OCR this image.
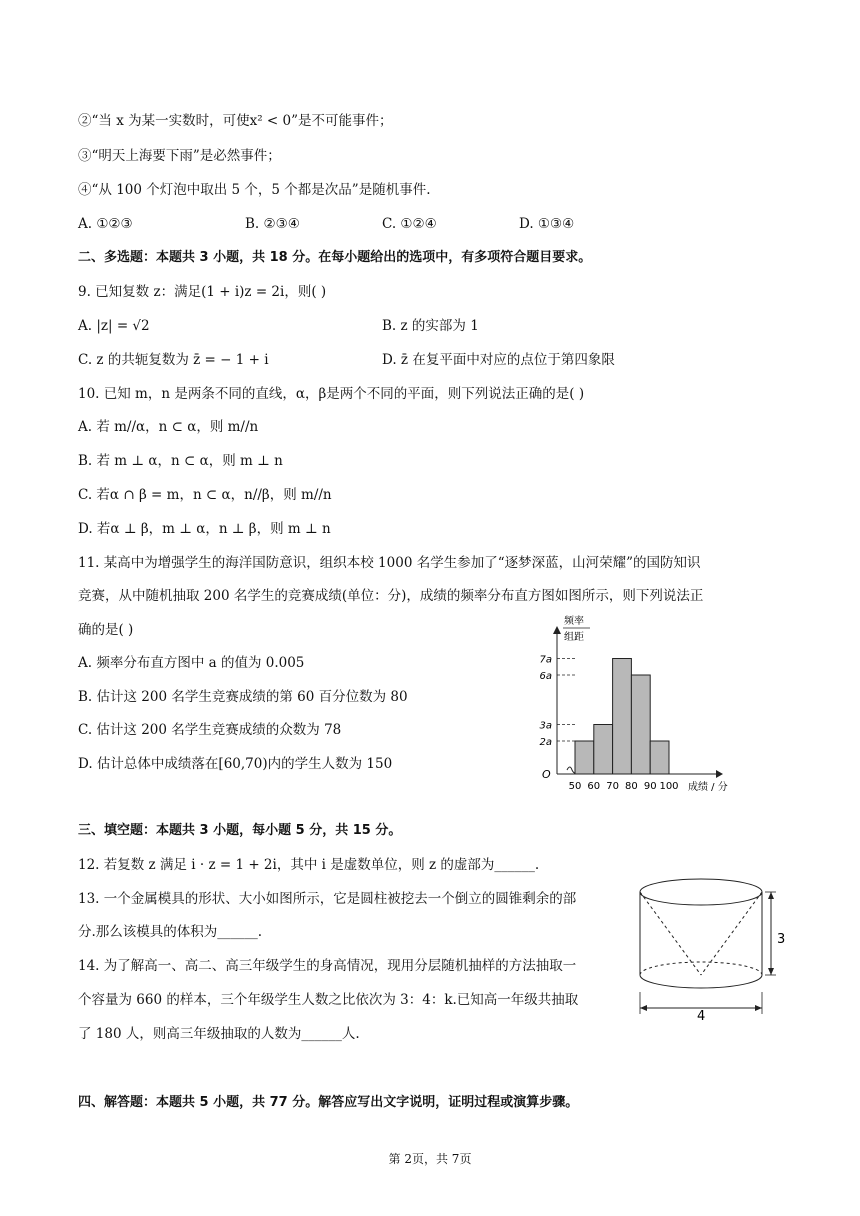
②“当 x 为某一实数时，可使x² < 0”是不可能事件；
③“明天上海要下雨”是必然事件；
④“从 100 个灯泡中取出 5 个，5 个都是次品”是随机事件.
A. ①②③	B. ②③④	C. ①②④	D. ①③④
二、多选题：本题共 3 小题，共 18 分。在每小题给出的选项中，有多项符合题目要求。
9. 已知复数 z：满足(1 + i)z = 2i，则( )
A. |z| = √2	B. z 的实部为 1
C. z 的共轭复数为 z̄ = − 1 + i	D. z̄ 在复平面中对应的点位于第四象限
10. 已知 m，n 是两条不同的直线，α，β是两个不同的平面，则下列说法正确的是( )
A. 若 m//α，n ⊂ α，则 m//n
B. 若 m ⊥ α，n ⊂ α，则 m ⊥ n
C. 若α ∩ β = m，n ⊂ α，n//β，则 m//n
D. 若α ⊥ β，m ⊥ α，n ⊥ β，则 m ⊥ n
11. 某高中为增强学生的海洋国防意识，组织本校 1000 名学生参加了“逐梦深蓝，山河荣耀”的国防知识
竞赛，从中随机抽取 200 名学生的竞赛成绩(单位：分)，成绩的频率分布直方图如图所示，则下列说法正
确的是( )
A. 频率分布直方图中 a 的值为 0.005
B. 估计这 200 名学生竞赛成绩的第 60 百分位数为 80
C. 估计这 200 名学生竞赛成绩的众数为 78
D. 估计总体中成绩落在[60,70)内的学生人数为 150
O
频率
组距
成绩 / 分
50 60 70 80 90 100
2a
3a
6a
7a
三、填空题：本题共 3 小题，每小题 5 分，共 15 分。
12. 若复数 z 满足 i · z = 1 + 2i，其中 i 是虚数单位，则 z 的虚部为______.
13. 一个金属模具的形状、大小如图所示，它是圆柱被挖去一个倒立的圆锥剩余的部
分.那么该模具的体积为______.
14. 为了解高一、高二、高三年级学生的身高情况，现用分层随机抽样的方法抽取一
个容量为 660 的样本，三个年级学生人数之比依次为 3：4：k.已知高一年级共抽取
了 180 人，则高三年级抽取的人数为______人.
3
4
四、解答题：本题共 5 小题，共 77 分。解答应写出文字说明，证明过程或演算步骤。
第 2页，共 7页
